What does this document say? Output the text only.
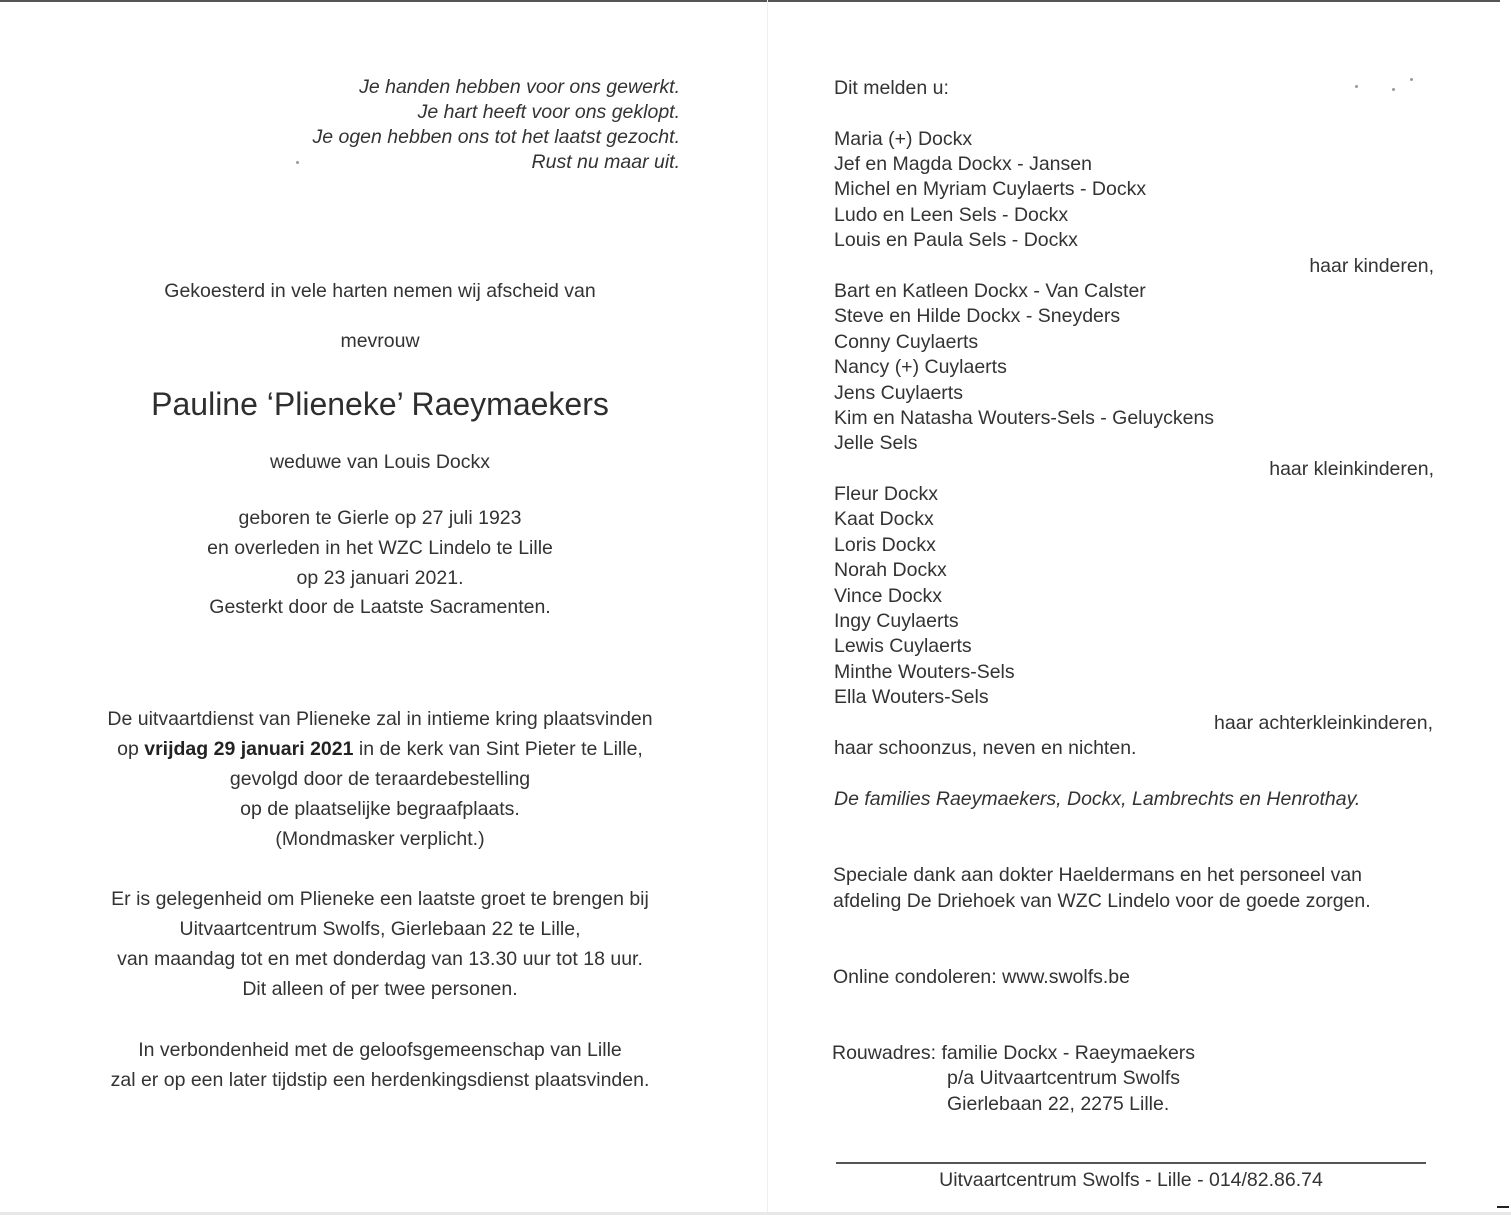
Je handen hebben voor ons gewerkt.
Je hart heeft voor ons geklopt.
Je ogen hebben ons tot het laatst gezocht.
Rust nu maar uit.
Gekoesterd in vele harten nemen wij afscheid van
mevrouw
Pauline ‘Plieneke’ Raeymaekers
weduwe van Louis Dockx
geboren te Gierle op 27 juli 1923
en overleden in het WZC Lindelo te Lille
op 23 januari 2021.
Gesterkt door de Laatste Sacramenten.
De uitvaartdienst van Plieneke zal in intieme kring plaatsvinden
op vrijdag 29 januari 2021 in de kerk van Sint Pieter te Lille,
gevolgd door de teraardebestelling
op de plaatselijke begraafplaats.
(Mondmasker verplicht.)
Er is gelegenheid om Plieneke een laatste groet te brengen bij
Uitvaartcentrum Swolfs, Gierlebaan 22 te Lille,
van maandag tot en met donderdag van 13.30 uur tot 18 uur.
Dit alleen of per twee personen.
In verbondenheid met de geloofsgemeenschap van Lille
zal er op een later tijdstip een herdenkingsdienst plaatsvinden.
Dit melden u:
Maria (+) Dockx
Jef en Magda Dockx - Jansen
Michel en Myriam Cuylaerts - Dockx
Ludo en Leen Sels - Dockx
Louis en Paula Sels - Dockx
haar kinderen,
Bart en Katleen Dockx - Van Calster
Steve en Hilde Dockx - Sneyders
Conny Cuylaerts
Nancy (+) Cuylaerts
Jens Cuylaerts
Kim en Natasha Wouters-Sels - Geluyckens
Jelle Sels
haar kleinkinderen,
Fleur Dockx
Kaat Dockx
Loris Dockx
Norah Dockx
Vince Dockx
Ingy Cuylaerts
Lewis Cuylaerts
Minthe Wouters-Sels
Ella Wouters-Sels
haar achterkleinkinderen,
haar schoonzus, neven en nichten.
De families Raeymaekers, Dockx, Lambrechts en Henrothay.
Speciale dank aan dokter Haeldermans en het personeel van
afdeling De Driehoek van WZC Lindelo voor de goede zorgen.
Online condoleren: www.swolfs.be
Rouwadres: familie Dockx - Raeymaekers
p/a Uitvaartcentrum Swolfs
Gierlebaan 22, 2275 Lille.
Uitvaartcentrum Swolfs - Lille - 014/82.86.74
